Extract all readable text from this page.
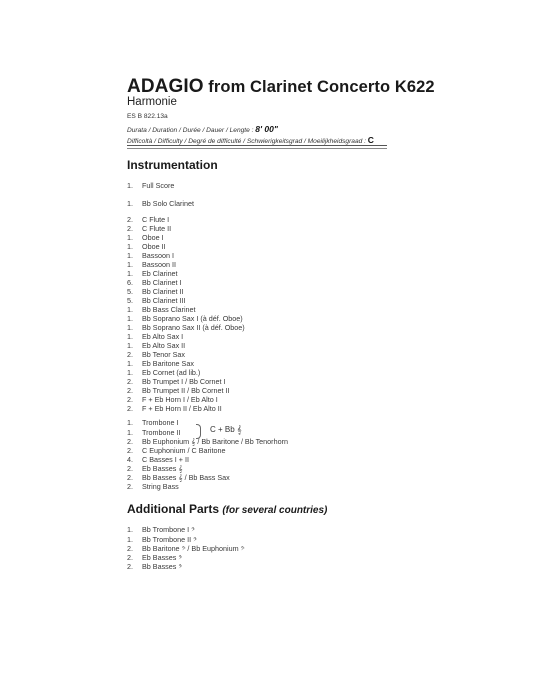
ADAGIO from Clarinet Concerto K622
Harmonie
ES B 822.13a
Durata / Duration / Durée / Dauer / Lengte : 8' 00"
Difficoltà / Difficulty / Degré de difficulté / Schwierigkeitsgrad / Moeilijkheidsgraad : C
Instrumentation
1. Full Score
1. Bb Solo Clarinet
2. C Flute I
2. C Flute II
1. Oboe I
1. Oboe II
1. Bassoon I
1. Bassoon II
1. Eb Clarinet
6. Bb Clarinet I
5. Bb Clarinet II
5. Bb Clarinet III
1. Bb Bass Clarinet
1. Bb Soprano Sax I (à déf. Oboe)
1. Bb Soprano Sax II (à déf. Oboe)
1. Eb Alto Sax I
1. Eb Alto Sax II
2. Bb Tenor Sax
1. Eb Baritone Sax
1. Eb Cornet (ad lib.)
2. Bb Trumpet I / Bb Cornet I
2. Bb Trumpet II / Bb Cornet II
2. F + Eb Horn I / Eb Alto I
2. F + Eb Horn II / Eb Alto II
1. Trombone I
1. Trombone II
2. Bb Euphonium 𝄞 / Bb Baritone / Bb Tenorhorn
2. C Euphonium / C Baritone
4. C Basses I + II
2. Eb Basses 𝄞
2. Bb Basses 𝄞 / Bb Bass Sax
2. String Bass
C + Bb 𝄞
Additional Parts (for several countries)
1. Bb Trombone I 𝄢
1. Bb Trombone II 𝄢
2. Bb Baritone 𝄢 / Bb Euphonium 𝄢
2. Eb Basses 𝄢
2. Bb Basses 𝄢
